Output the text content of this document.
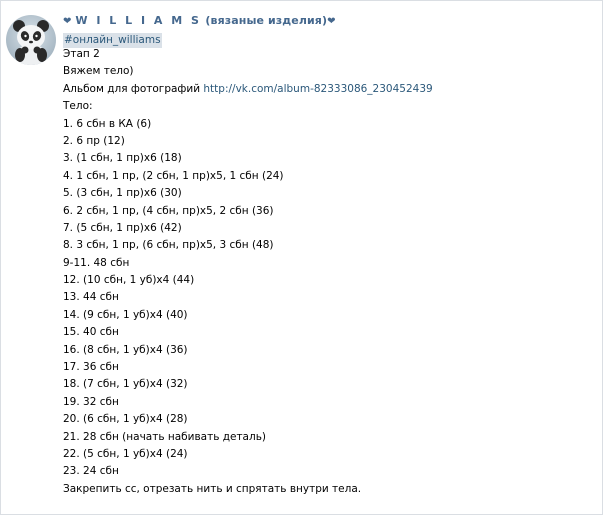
❤ W I L L I A M S (вязаные изделия)❤
#онлайн_williams
Этап 2
Вяжем тело)
Альбом для фотографий http://vk.com/album-82333086_230452439
Тело:
1. 6 сбн в КА (6)
2. 6 пр (12)
3. (1 сбн, 1 пр)х6 (18)
4. 1 сбн, 1 пр, (2 сбн, 1 пр)х5, 1 сбн (24)
5. (3 сбн, 1 пр)х6 (30)
6. 2 сбн, 1 пр, (4 сбн, пр)х5, 2 сбн (36)
7. (5 сбн, 1 пр)х6 (42)
8. 3 сбн, 1 пр, (6 сбн, пр)х5, 3 сбн (48)
9-11. 48 сбн
12. (10 сбн, 1 уб)х4 (44)
13. 44 сбн
14. (9 сбн, 1 уб)х4 (40)
15. 40 сбн
16. (8 сбн, 1 уб)х4 (36)
17. 36 сбн
18. (7 сбн, 1 уб)х4 (32)
19. 32 сбн
20. (6 сбн, 1 уб)х4 (28)
21. 28 сбн (начать набивать деталь)
22. (5 сбн, 1 уб)х4 (24)
23. 24 сбн
Закрепить сс, отрезать нить и спрятать внутри тела.
